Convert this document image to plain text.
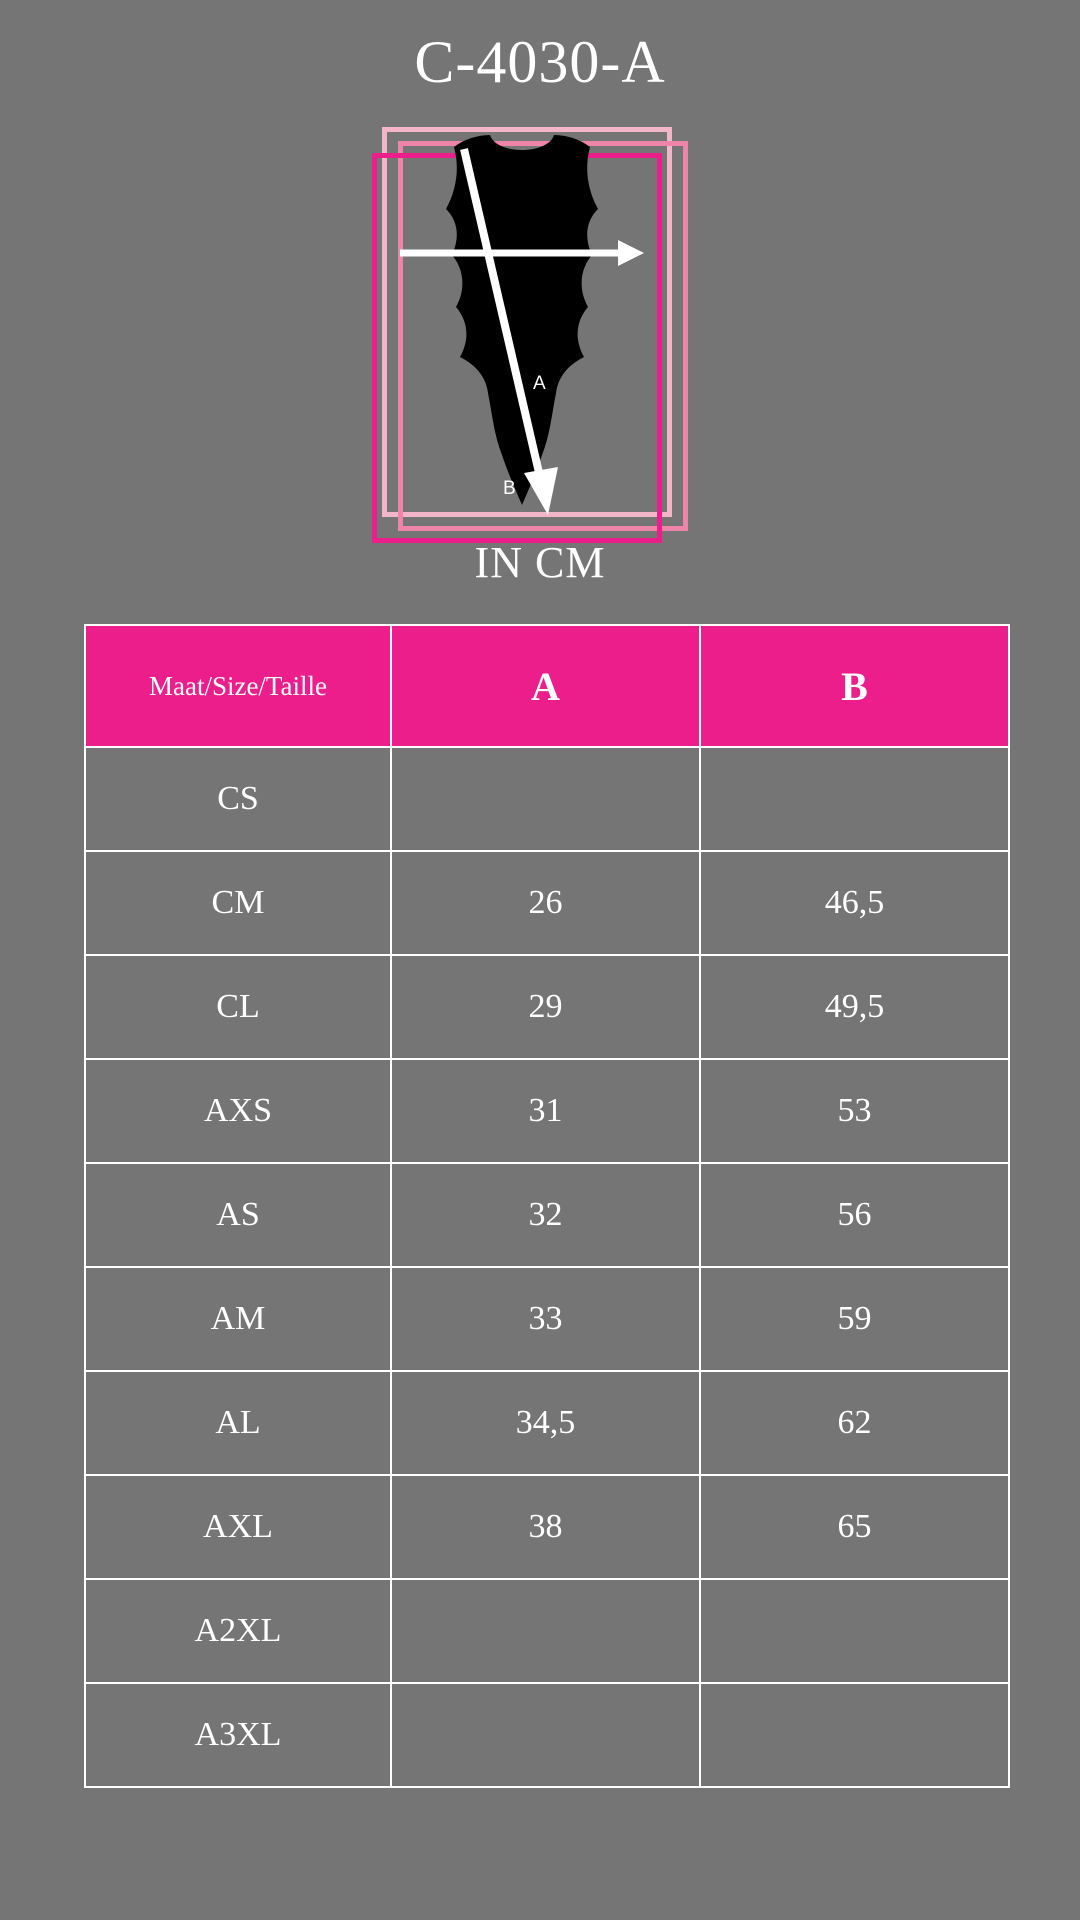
C-4030-A
A
B
IN CM
Maat/Size/Taille	A	B
CS		
CM	26	46,5
CL	29	49,5
AXS	31	53
AS	32	56
AM	33	59
AL	34,5	62
AXL	38	65
A2XL		
A3XL		
